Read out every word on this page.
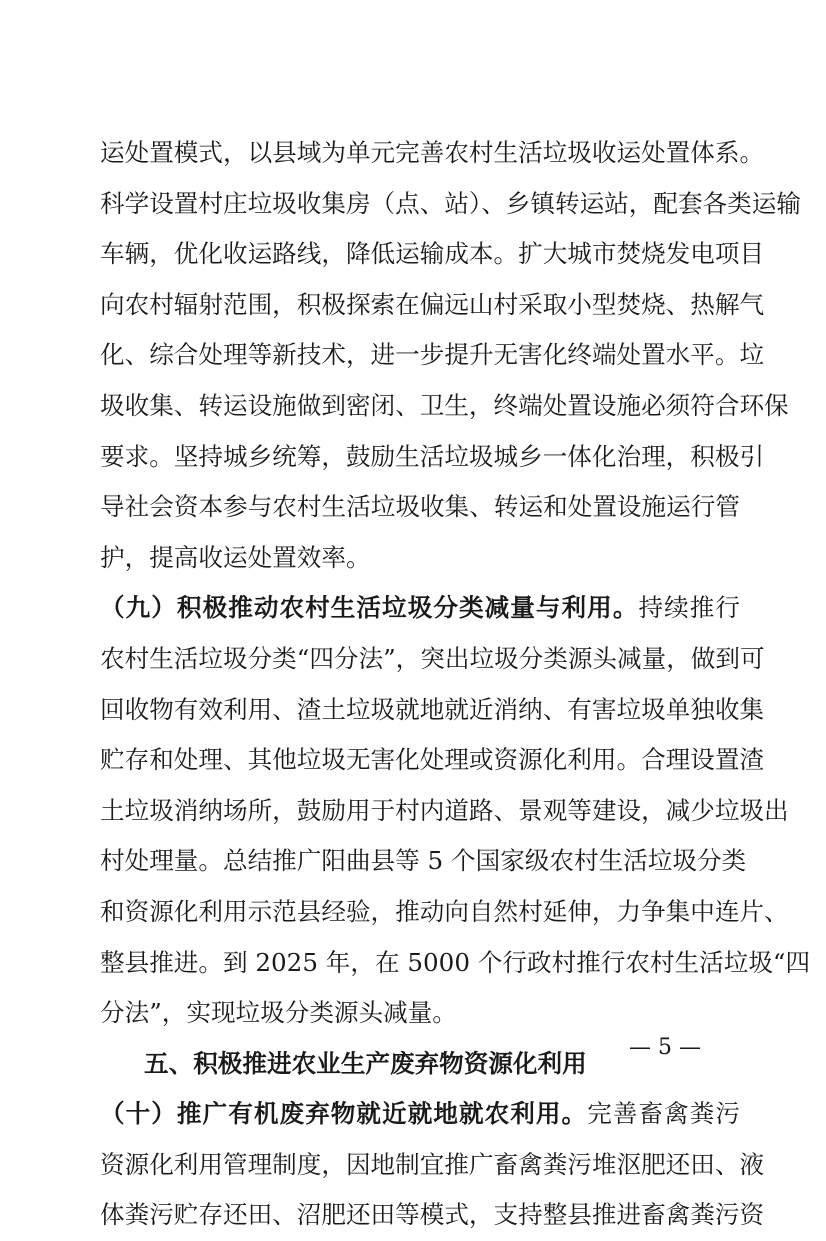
运处置模式，以县域为单元完善农村生活垃圾收运处置体系。
科学设置村庄垃圾收集房（点、站）、乡镇转运站，配套各类运输
车辆，优化收运路线，降低运输成本。扩大城市焚烧发电项目
向农村辐射范围，积极探索在偏远山村采取小型焚烧、热解气
化、综合处理等新技术，进一步提升无害化终端处置水平。垃
圾收集、转运设施做到密闭、卫生，终端处置设施必须符合环保
要求。坚持城乡统筹，鼓励生活垃圾城乡一体化治理，积极引
导社会资本参与农村生活垃圾收集、转运和处置设施运行管
护，提高收运处置效率。
（九）积极推动农村生活垃圾分类减量与利用。持续推行
农村生活垃圾分类“四分法”，突出垃圾分类源头减量，做到可
回收物有效利用、渣土垃圾就地就近消纳、有害垃圾单独收集
贮存和处理、其他垃圾无害化处理或资源化利用。合理设置渣
土垃圾消纳场所，鼓励用于村内道路、景观等建设，减少垃圾出
村处理量。总结推广阳曲县等 5 个国家级农村生活垃圾分类
和资源化利用示范县经验，推动向自然村延伸，力争集中连片、
整县推进。到 2025 年，在 5000 个行政村推行农村生活垃圾“四
分法”，实现垃圾分类源头减量。
五、积极推进农业生产废弃物资源化利用
（十）推广有机废弃物就近就地就农利用。完善畜禽粪污
资源化利用管理制度，因地制宜推广畜禽粪污堆沤肥还田、液
体粪污贮存还田、沼肥还田等模式，支持整县推进畜禽粪污资
— 5 —
